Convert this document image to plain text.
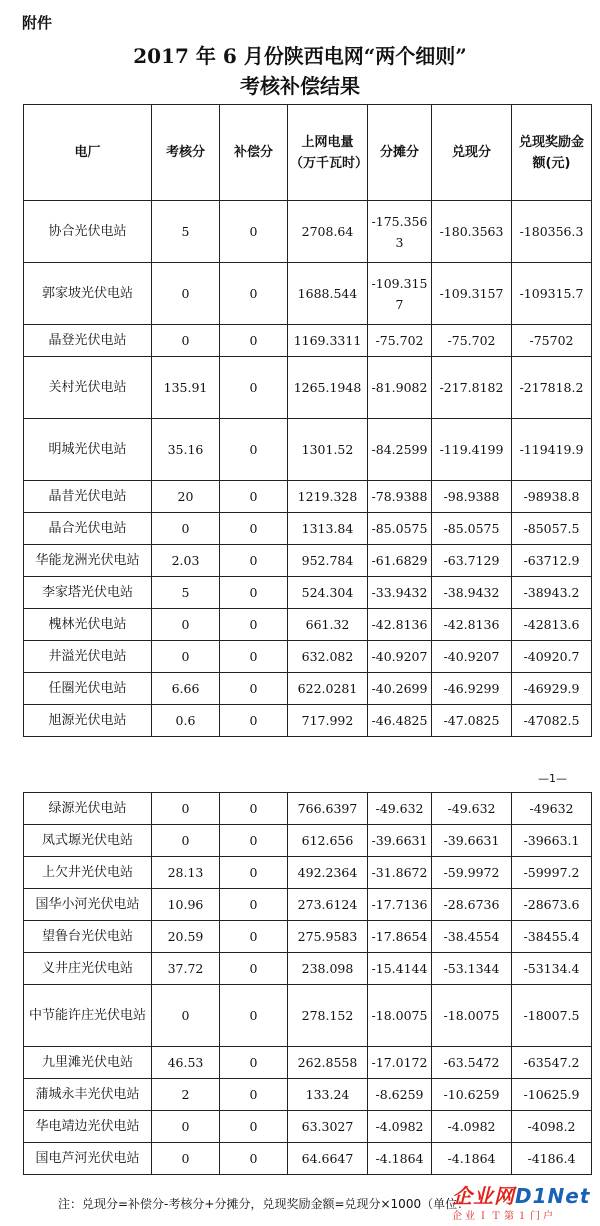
附件
2017 年 6 月份陕西电网“两个细则”
考核补偿结果
电厂	考核分	补偿分	上网电量（万千瓦时）	分摊分	兑现分	兑现奖励金额(元)
协合光伏电站	5	0	2708.64	-175.3563	-180.3563	-180356.3
郭家坡光伏电站	0	0	1688.544	-109.3157	-109.3157	-109315.7
晶登光伏电站	0	0	1169.3311	-75.702	-75.702	-75702
关村光伏电站	135.91	0	1265.1948	-81.9082	-217.8182	-217818.2
明城光伏电站	35.16	0	1301.52	-84.2599	-119.4199	-119419.9
晶昔光伏电站	20	0	1219.328	-78.9388	-98.9388	-98938.8
晶合光伏电站	0	0	1313.84	-85.0575	-85.0575	-85057.5
华能龙洲光伏电站	2.03	0	952.784	-61.6829	-63.7129	-63712.9
李家塔光伏电站	5	0	524.304	-33.9432	-38.9432	-38943.2
槐林光伏电站	0	0	661.32	-42.8136	-42.8136	-42813.6
井溢光伏电站	0	0	632.082	-40.9207	-40.9207	-40920.7
任圈光伏电站	6.66	0	622.0281	-40.2699	-46.9299	-46929.9
旭源光伏电站	0.6	0	717.992	-46.4825	-47.0825	-47082.5
—1—
绿源光伏电站	0	0	766.6397	-49.632	-49.632	-49632
凤式塬光伏电站	0	0	612.656	-39.6631	-39.6631	-39663.1
上欠井光伏电站	28.13	0	492.2364	-31.8672	-59.9972	-59997.2
国华小河光伏电站	10.96	0	273.6124	-17.7136	-28.6736	-28673.6
望鲁台光伏电站	20.59	0	275.9583	-17.8654	-38.4554	-38455.4
义井庄光伏电站	37.72	0	238.098	-15.4144	-53.1344	-53134.4
中节能许庄光伏电站	0	0	278.152	-18.0075	-18.0075	-18007.5
九里滩光伏电站	46.53	0	262.8558	-17.0172	-63.5472	-63547.2
蒲城永丰光伏电站	2	0	133.24	-8.6259	-10.6259	-10625.9
华电靖边光伏电站	0	0	63.3027	-4.0982	-4.0982	-4098.2
国电芦河光伏电站	0	0	64.6647	-4.1864	-4.1864	-4186.4
注：兑现分=补偿分-考核分+分摊分，兑现奖励金额=兑现分×1000（单位：
企业网D1Net
企业ＩＴ第１门户
